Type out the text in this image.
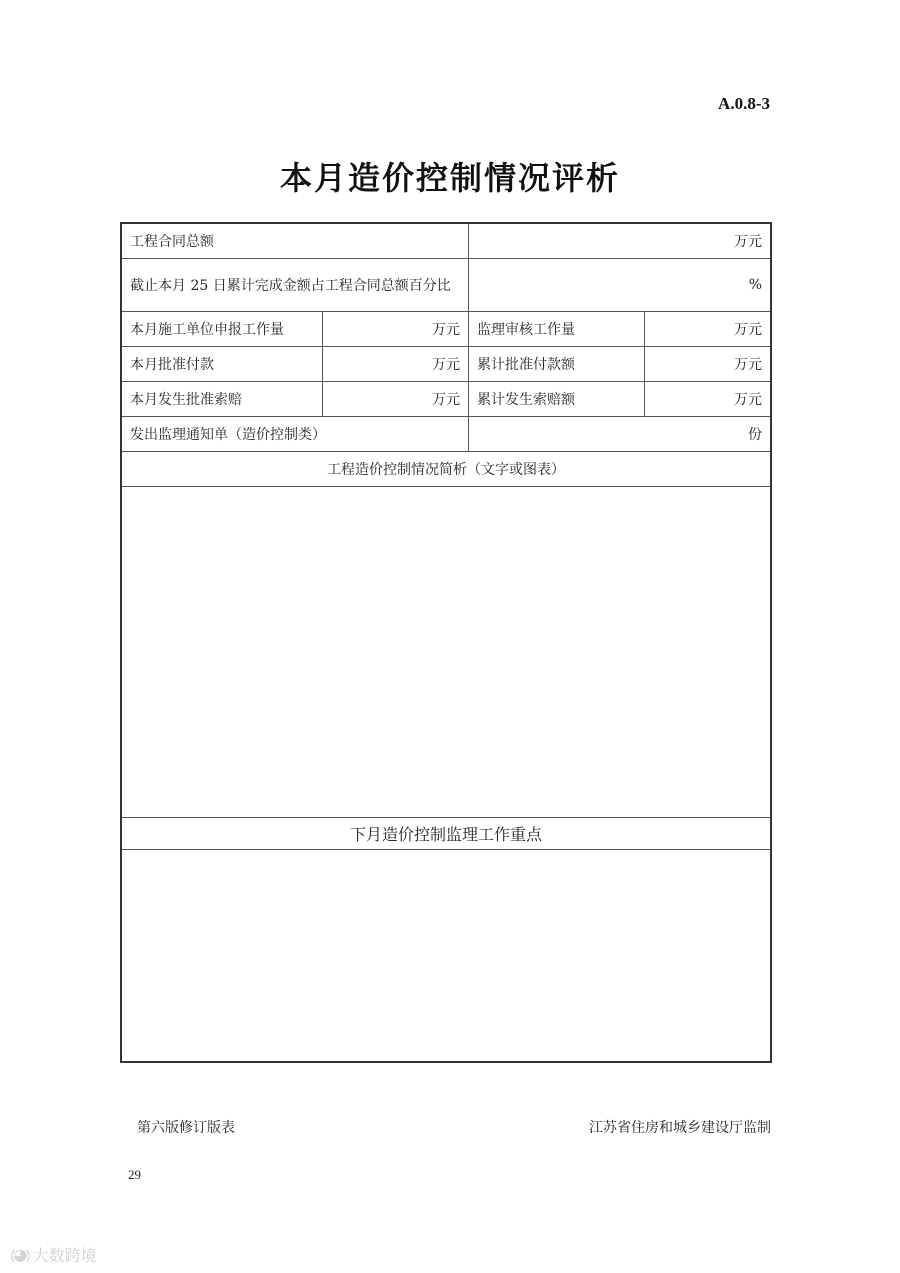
A.0.8-3
本月造价控制情况评析
工程合同总额	万元
截止本月 25 日累计完成金额占工程合同总额百分比	%
本月施工单位申报工作量	万元	监理审核工作量	万元
本月批准付款	万元	累计批准付款额	万元
本月发生批准索赔	万元	累计发生索赔额	万元
发出监理通知单（造价控制类）	份
工程造价控制情况简析（文字或图表）
下月造价控制监理工作重点
第六版修订版表	江苏省住房和城乡建设厅监制
29
⦅◕⦆ 大数跨境
